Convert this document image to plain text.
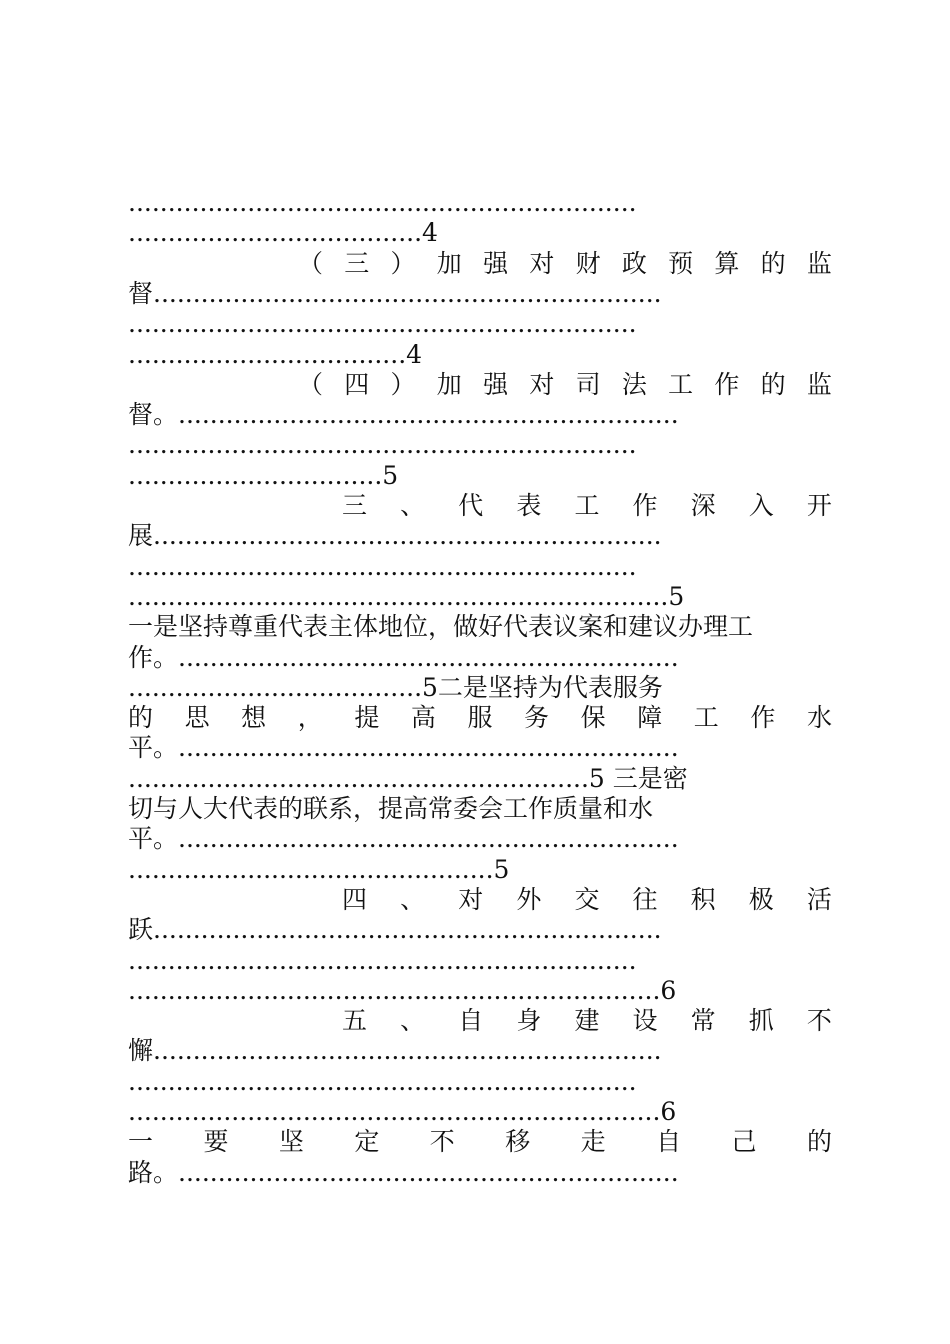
................................................................
.....................................4
（ 三 ） 加 强 对 财 政 预 算 的 监
督................................................................
................................................................
...................................4
（ 四 ） 加 强 对 司 法 工 作 的 监
督。...............................................................
................................................................
................................5
三 、 代 表 工 作 深 入 开
展................................................................
................................................................
....................................................................5
一是坚持尊重代表主体地位，做好代表议案和建议办理工
作。...............................................................
.....................................5二是坚持为代表服务
的 思 想 ， 提 高 服 务 保 障 工 作 水
平。...............................................................
..........................................................5 三是密
切与人大代表的联系，提高常委会工作质量和水
平。...............................................................
..............................................5
四 、 对 外 交 往 积 极 活
跃................................................................
................................................................
...................................................................6
五 、 自 身 建 设 常 抓 不
懈................................................................
................................................................
...................................................................6
一 要 坚 定 不 移 走 自 己 的
路。...............................................................
